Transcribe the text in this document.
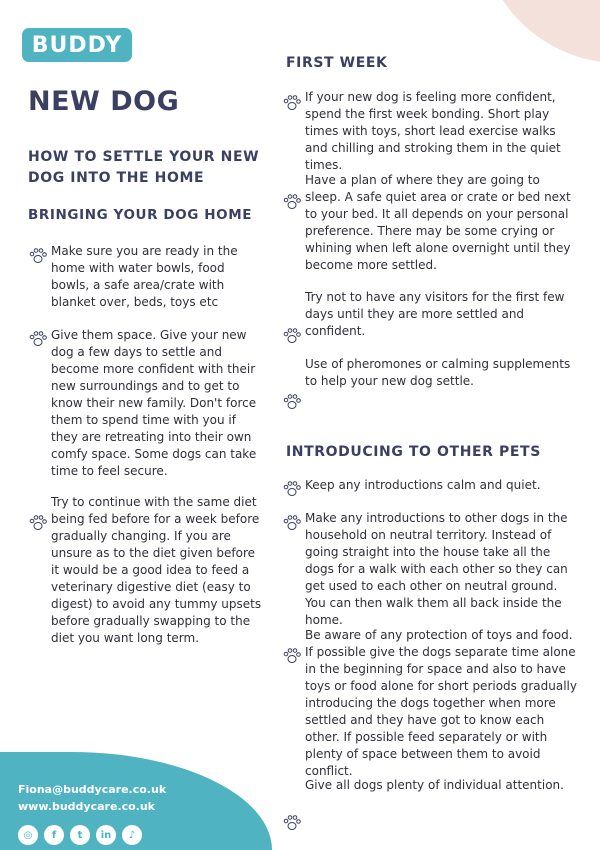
BUDDY
NEW DOG
HOW TO SETTLE YOUR NEW DOG INTO THE HOME
BRINGING YOUR DOG HOME

Make sure you are ready in the home with water bowls, food bowls, a safe area/crate with blanket over, beds, toys etc

Give them space. Give your new dog a few days to settle and become more confident with their new surroundings and to get to know their new family. Don't force them to spend time with you if they are retreating into their own comfy space. Some dogs can take time to feel secure.

Try to continue with the same diet being fed before for a week before gradually changing. If you are unsure as to the diet given before it would be a good idea to feed a veterinary digestive diet (easy to digest) to avoid any tummy upsets before gradually swapping to the diet you want long term.

FIRST WEEK

If your new dog is feeling more confident, spend the first week bonding. Short play times with toys, short lead exercise walks and chilling and stroking them in the quiet times.

Have a plan of where they are going to sleep. A safe quiet area or crate or bed next to your bed. It all depends on your personal preference. There may be some crying or whining when left alone overnight until they become more settled.

Try not to have any visitors for the first few days until they are more settled and confident.

Use of pheromones or calming supplements to help your new dog settle.

INTRODUCING TO OTHER PETS

Keep any introductions calm and quiet.

Make any introductions to other dogs in the household on neutral territory. Instead of going straight into the house take all the dogs for a walk with each other so they can get used to each other on neutral ground. You can then walk them all back inside the home.

Be aware of any protection of toys and food. If possible give the dogs separate time alone in the beginning for space and also to have toys or food alone for short periods gradually introducing the dogs together when more settled and they have got to know each other. If possible feed separately or with plenty of space between them to avoid conflict.

Give all dogs plenty of individual attention.

Fiona@buddycare.co.uk
www.buddycare.co.uk
◎	f	t	in	♪
